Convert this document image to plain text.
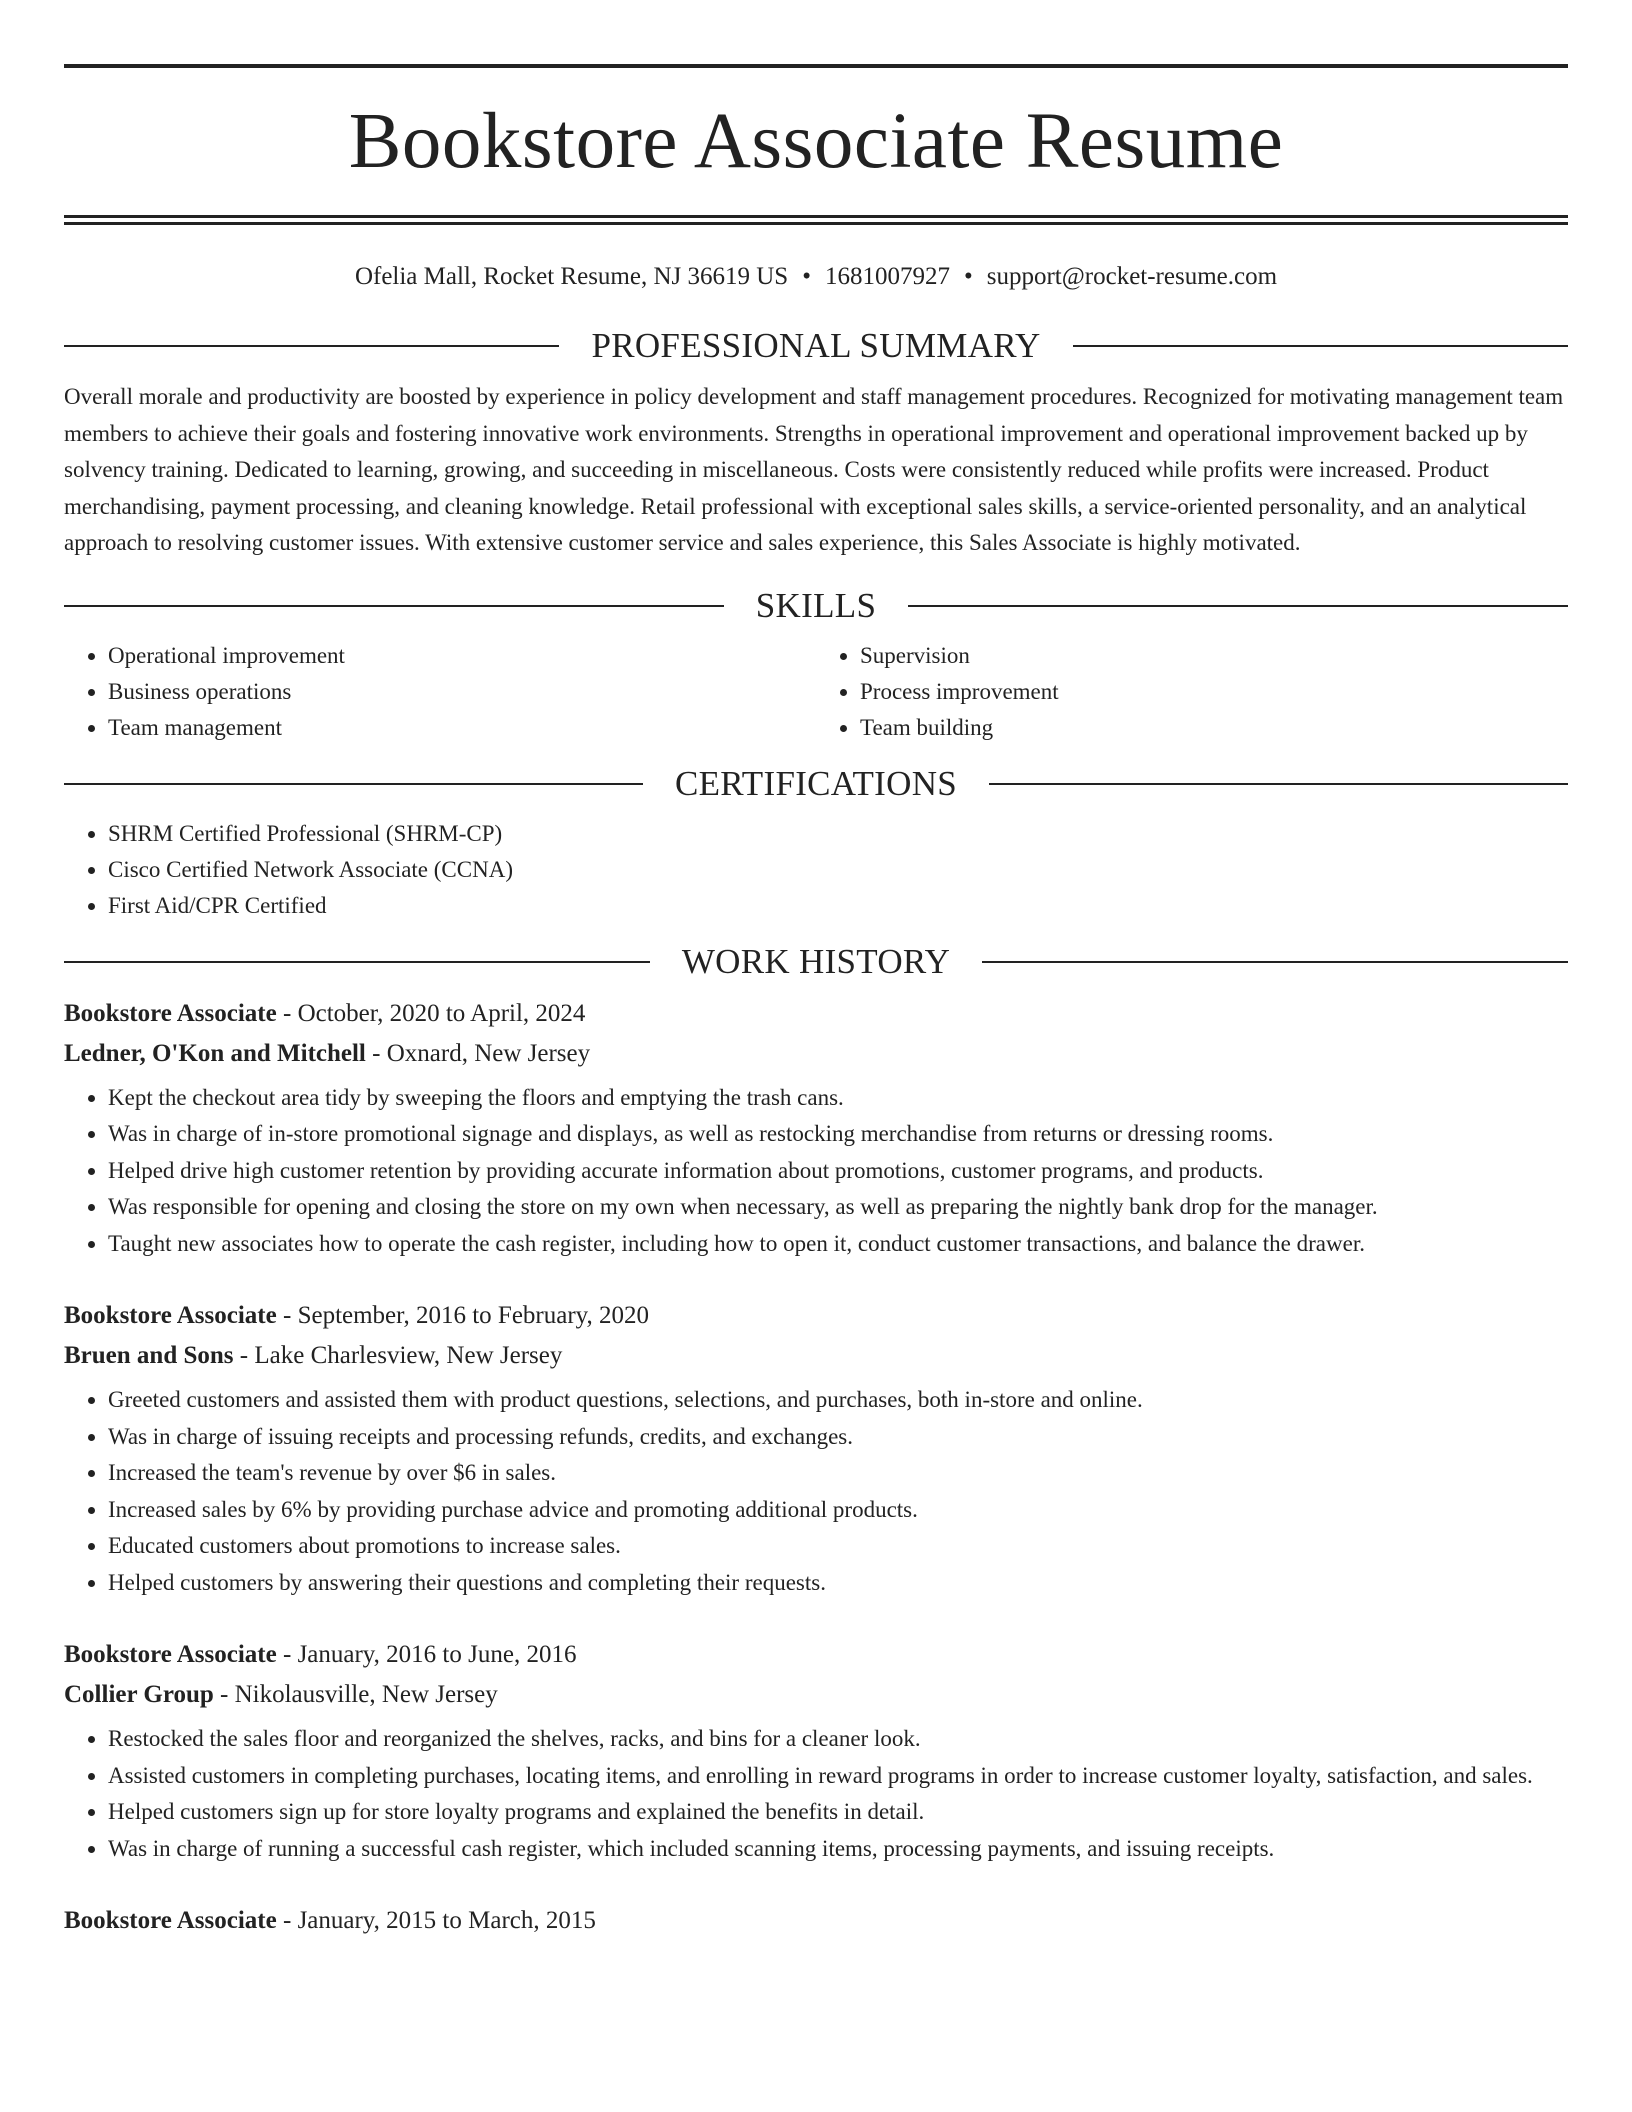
Bookstore Associate Resume
Ofelia Mall, Rocket Resume, NJ 36619 US • 1681007927 • support@rocket-resume.com
PROFESSIONAL SUMMARY

Overall morale and productivity are boosted by experience in policy development and staff management procedures. Recognized for motivating management team members to achieve their goals and fostering innovative work environments. Strengths in operational improvement and operational improvement backed up by solvency training. Dedicated to learning, growing, and succeeding in miscellaneous. Costs were consistently reduced while profits were increased. Product merchandising, payment processing, and cleaning knowledge. Retail professional with exceptional sales skills, a service-oriented personality, and an analytical approach to resolving customer issues. With extensive customer service and sales experience, this Sales Associate is highly motivated.

SKILLS
• Operational improvement
• Business operations
• Team management
• Supervision
• Process improvement
• Team building
CERTIFICATIONS
• SHRM Certified Professional (SHRM-CP)
• Cisco Certified Network Associate (CCNA)
• First Aid/CPR Certified
WORK HISTORY
Bookstore Associate - October, 2020 to April, 2024
Ledner, O'Kon and Mitchell - Oxnard, New Jersey
• Kept the checkout area tidy by sweeping the floors and emptying the trash cans.
• Was in charge of in-store promotional signage and displays, as well as restocking merchandise from returns or dressing rooms.
• Helped drive high customer retention by providing accurate information about promotions, customer programs, and products.
• Was responsible for opening and closing the store on my own when necessary, as well as preparing the nightly bank drop for the manager.
• Taught new associates how to operate the cash register, including how to open it, conduct customer transactions, and balance the drawer.
Bookstore Associate - September, 2016 to February, 2020
Bruen and Sons - Lake Charlesview, New Jersey
• Greeted customers and assisted them with product questions, selections, and purchases, both in-store and online.
• Was in charge of issuing receipts and processing refunds, credits, and exchanges.
• Increased the team's revenue by over $6 in sales.
• Increased sales by 6% by providing purchase advice and promoting additional products.
• Educated customers about promotions to increase sales.
• Helped customers by answering their questions and completing their requests.
Bookstore Associate - January, 2016 to June, 2016
Collier Group - Nikolausville, New Jersey
• Restocked the sales floor and reorganized the shelves, racks, and bins for a cleaner look.
• Assisted customers in completing purchases, locating items, and enrolling in reward programs in order to increase customer loyalty, satisfaction, and sales.
• Helped customers sign up for store loyalty programs and explained the benefits in detail.
• Was in charge of running a successful cash register, which included scanning items, processing payments, and issuing receipts.
Bookstore Associate - January, 2015 to March, 2015
